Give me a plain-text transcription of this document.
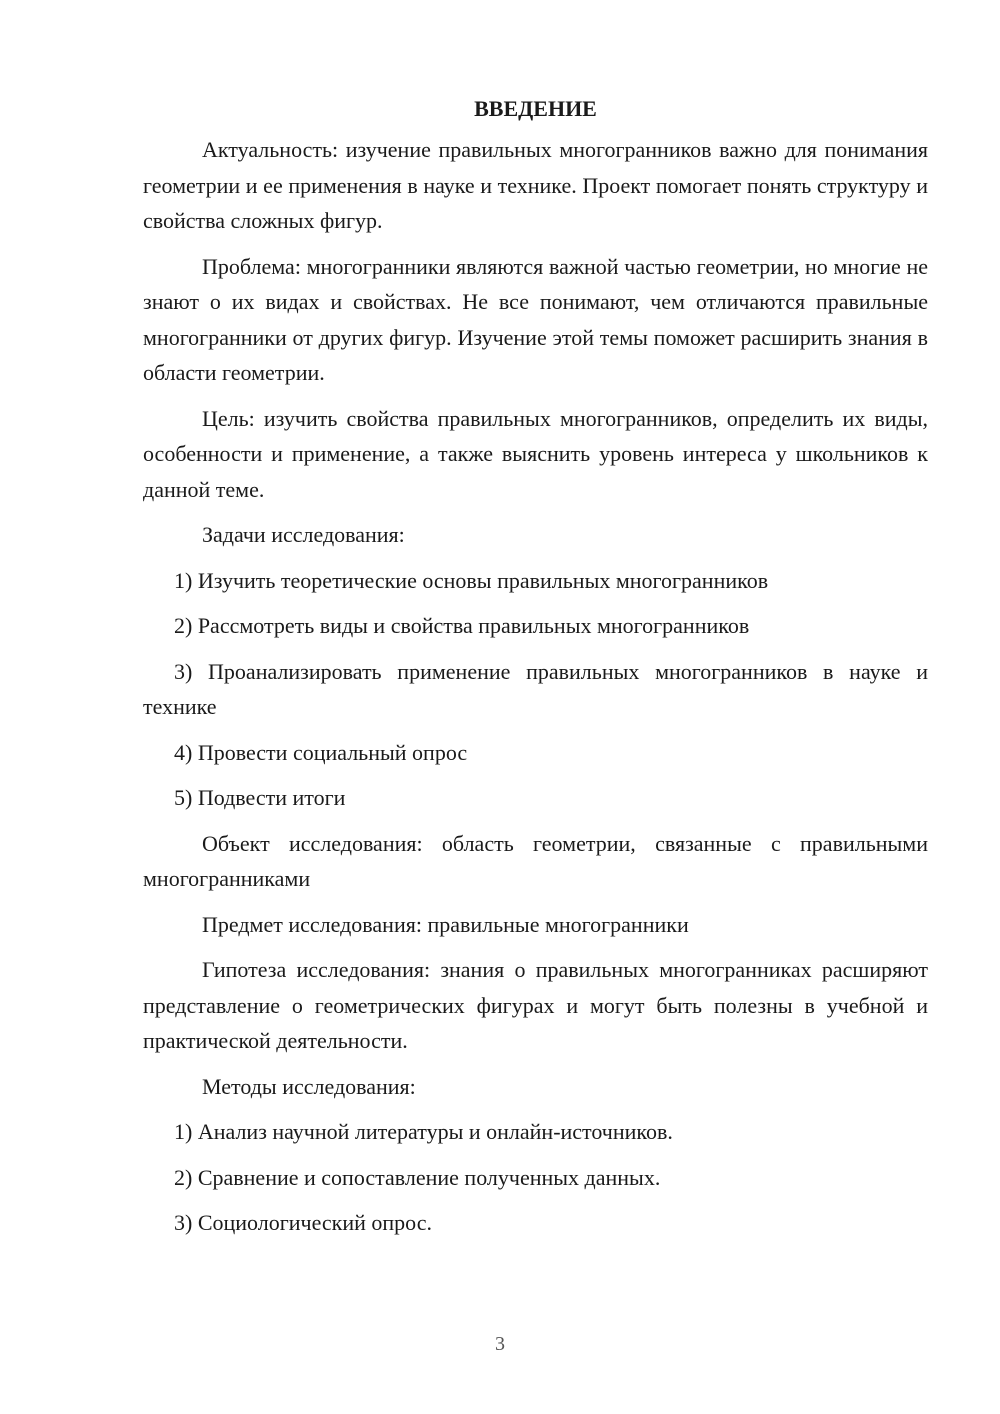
ВВЕДЕНИЕ

Актуальность: изучение правильных многогранников важно для понимания геометрии и ее применения в науке и технике. Проект помогает понять структуру и свойства сложных фигур.

Проблема: многогранники являются важной частью геометрии, но многие не знают о их видах и свойствах. Не все понимают, чем отличаются правильные многогранники от других фигур. Изучение этой темы поможет расширить знания в области геометрии.

Цель: изучить свойства правильных многогранников, определить их виды, особенности и применение, а также выяснить уровень интереса у школьников к данной теме.

Задачи исследования:

1) Изучить теоретические основы правильных многогранников

2) Рассмотреть виды и свойства правильных многогранников

3) Проанализировать применение правильных многогранников в науке и технике

4) Провести социальный опрос

5) Подвести итоги

Объект исследования: область геометрии, связанные с правильными многогранниками

Предмет исследования: правильные многогранники

Гипотеза исследования: знания о правильных многогранниках расширяют представление о геометрических фигурах и могут быть полезны в учебной и практической деятельности.

Методы исследования:

1) Анализ научной литературы и онлайн-источников.

2) Сравнение и сопоставление полученных данных.

3) Социологический опрос.

3
